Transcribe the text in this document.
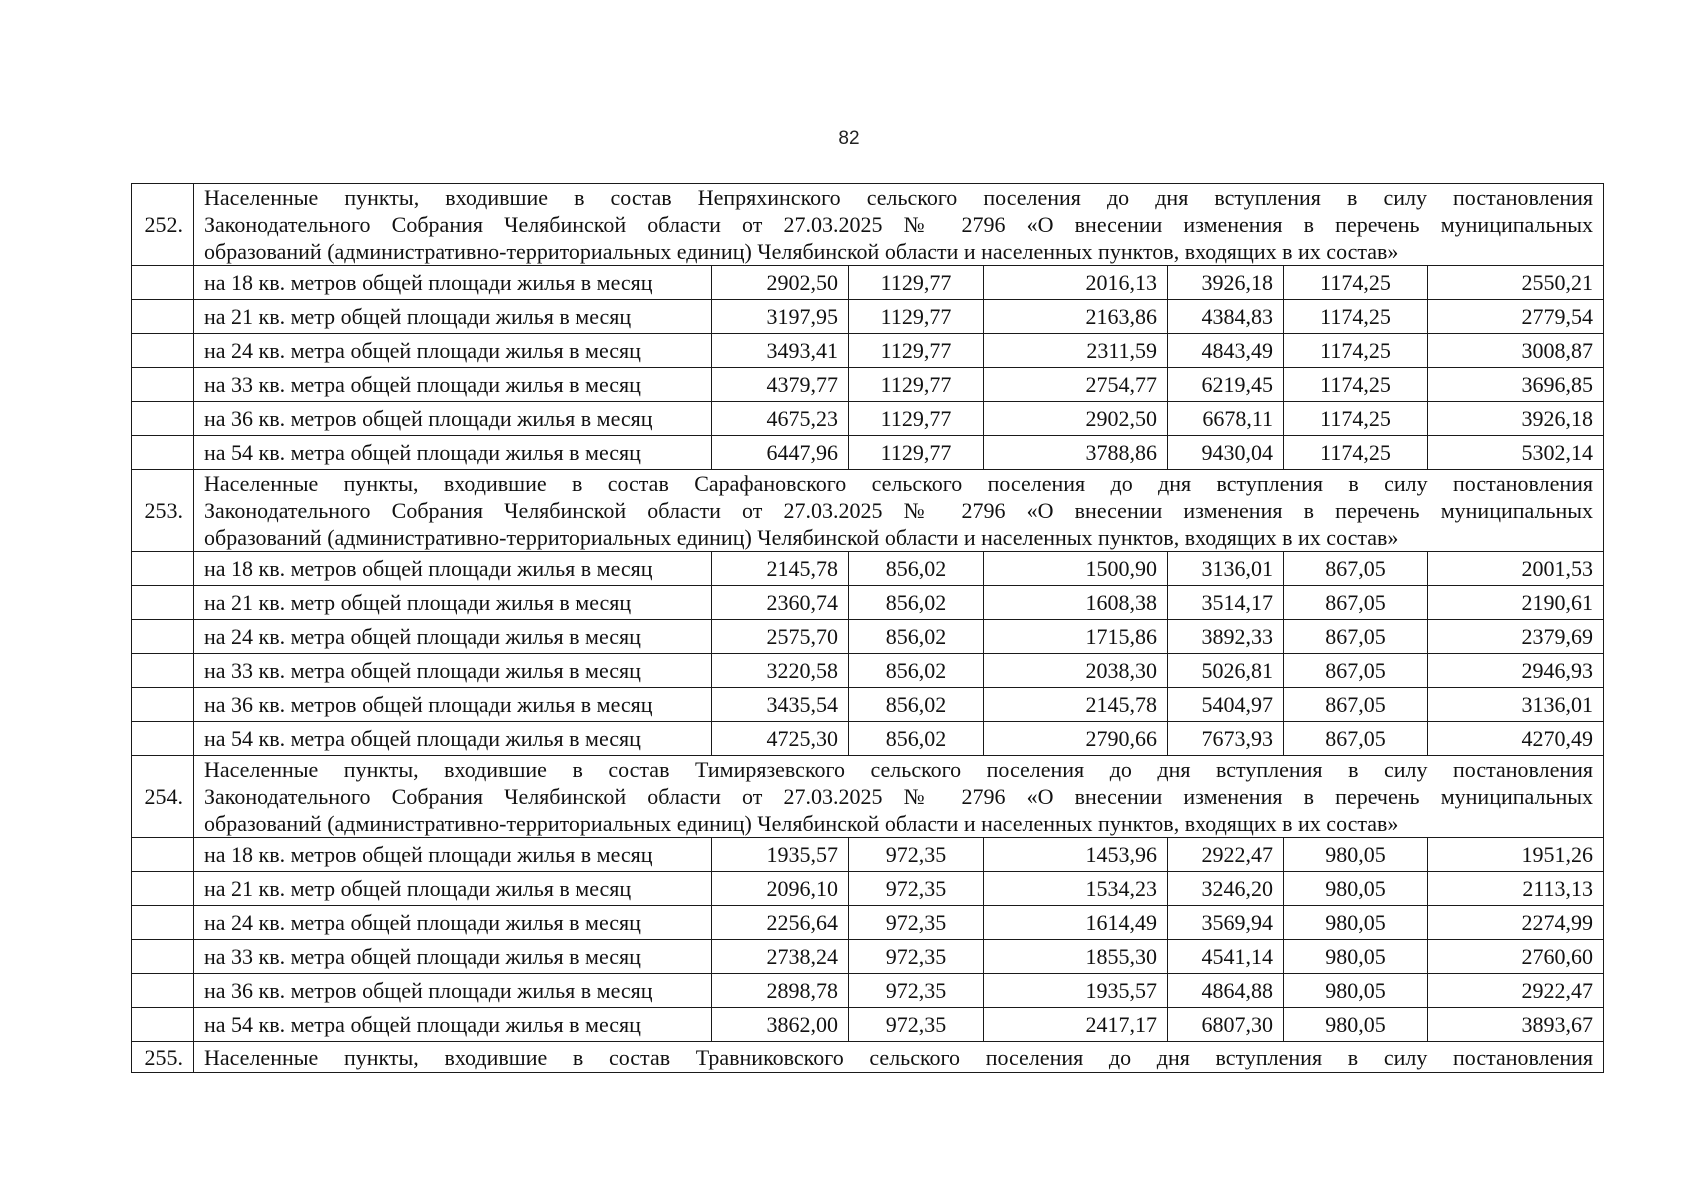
82
252.	Населенные пункты, входившие в состав Непряхинского сельского поселения до дня вступления в силу постановления
Законодательного Собрания Челябинской области от 27.03.2025 № 2796 «О внесении изменения в перечень муниципальных
образований (административно-территориальных единиц) Челябинской области и населенных пунктов, входящих в их состав»						

	на 18 кв. метров общей площади жилья в месяц	2902,50	1129,77	2016,13	3926,18	1174,25	2550,21
	на 21 кв. метр общей площади жилья в месяц	3197,95	1129,77	2163,86	4384,83	1174,25	2779,54
	на 24 кв. метра общей площади жилья в месяц	3493,41	1129,77	2311,59	4843,49	1174,25	3008,87
	на 33 кв. метра общей площади жилья в месяц	4379,77	1129,77	2754,77	6219,45	1174,25	3696,85
	на 36 кв. метров общей площади жилья в месяц	4675,23	1129,77	2902,50	6678,11	1174,25	3926,18
	на 54 кв. метра общей площади жилья в месяц	6447,96	1129,77	3788,86	9430,04	1174,25	5302,14
253.	Населенные пункты, входившие в состав Сарафановского сельского поселения до дня вступления в силу постановления
Законодательного Собрания Челябинской области от 27.03.2025 № 2796 «О внесении изменения в перечень муниципальных
образований (административно-территориальных единиц) Челябинской области и населенных пунктов, входящих в их состав»						

	на 18 кв. метров общей площади жилья в месяц	2145,78	856,02	1500,90	3136,01	867,05	2001,53
	на 21 кв. метр общей площади жилья в месяц	2360,74	856,02	1608,38	3514,17	867,05	2190,61
	на 24 кв. метра общей площади жилья в месяц	2575,70	856,02	1715,86	3892,33	867,05	2379,69
	на 33 кв. метра общей площади жилья в месяц	3220,58	856,02	2038,30	5026,81	867,05	2946,93
	на 36 кв. метров общей площади жилья в месяц	3435,54	856,02	2145,78	5404,97	867,05	3136,01
	на 54 кв. метра общей площади жилья в месяц	4725,30	856,02	2790,66	7673,93	867,05	4270,49
254.	Населенные пункты, входившие в состав Тимирязевского сельского поселения до дня вступления в силу постановления
Законодательного Собрания Челябинской области от 27.03.2025 № 2796 «О внесении изменения в перечень муниципальных
образований (административно-территориальных единиц) Челябинской области и населенных пунктов, входящих в их состав»						

	на 18 кв. метров общей площади жилья в месяц	1935,57	972,35	1453,96	2922,47	980,05	1951,26
	на 21 кв. метр общей площади жилья в месяц	2096,10	972,35	1534,23	3246,20	980,05	2113,13
	на 24 кв. метра общей площади жилья в месяц	2256,64	972,35	1614,49	3569,94	980,05	2274,99
	на 33 кв. метра общей площади жилья в месяц	2738,24	972,35	1855,30	4541,14	980,05	2760,60
	на 36 кв. метров общей площади жилья в месяц	2898,78	972,35	1935,57	4864,88	980,05	2922,47
	на 54 кв. метра общей площади жилья в месяц	3862,00	972,35	2417,17	6807,30	980,05	3893,67
255.	Населенные пункты, входившие в состав Травниковского сельского поселения до дня вступления в силу постановления						
